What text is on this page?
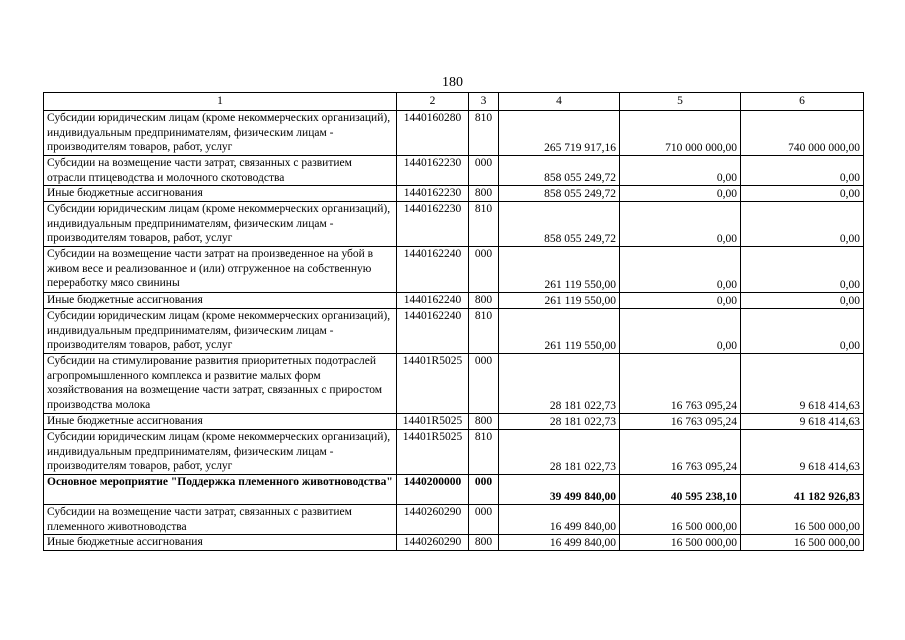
180
1	2	3	4	5	6
Субсидии юридическим лицам (кроме некоммерческих организаций), индивидуальным предпринимателям, физическим лицам - производителям товаров, работ, услуг	1440160280	810	265 719 917,16	710 000 000,00	740 000 000,00
Субсидии на возмещение части затрат, связанных с развитием отрасли птицеводства и молочного скотоводства	1440162230	000	858 055 249,72	0,00	0,00
Иные бюджетные ассигнования	1440162230	800	858 055 249,72	0,00	0,00
Субсидии юридическим лицам (кроме некоммерческих организаций), индивидуальным предпринимателям, физическим лицам - производителям товаров, работ, услуг	1440162230	810	858 055 249,72	0,00	0,00
Субсидии на возмещение части затрат на произведенное на убой в живом весе и реализованное и (или) отгруженное на собственную переработку мясо свинины	1440162240	000	261 119 550,00	0,00	0,00
Иные бюджетные ассигнования	1440162240	800	261 119 550,00	0,00	0,00
Субсидии юридическим лицам (кроме некоммерческих организаций), индивидуальным предпринимателям, физическим лицам - производителям товаров, работ, услуг	1440162240	810	261 119 550,00	0,00	0,00
Субсидии на стимулирование развития приоритетных подотраслей агропромышленного комплекса и развитие малых форм хозяйствования на возмещение части затрат, связанных с приростом производства молока	14401R5025	000	28 181 022,73	16 763 095,24	9 618 414,63
Иные бюджетные ассигнования	14401R5025	800	28 181 022,73	16 763 095,24	9 618 414,63
Субсидии юридическим лицам (кроме некоммерческих организаций), индивидуальным предпринимателям, физическим лицам - производителям товаров, работ, услуг	14401R5025	810	28 181 022,73	16 763 095,24	9 618 414,63
Основное мероприятие "Поддержка племенного животноводства"	1440200000	000	39 499 840,00	40 595 238,10	41 182 926,83
Субсидии на возмещение части затрат, связанных с развитием племенного животноводства	1440260290	000	16 499 840,00	16 500 000,00	16 500 000,00
Иные бюджетные ассигнования	1440260290	800	16 499 840,00	16 500 000,00	16 500 000,00
